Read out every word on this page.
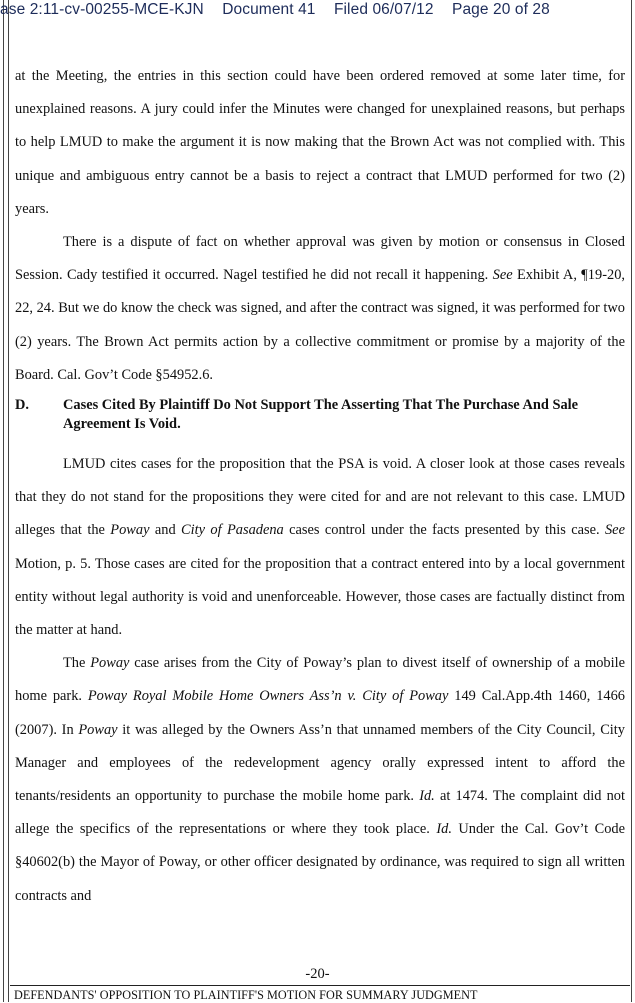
ase 2:11-cv-00255-MCE-KJN Document 41 Filed 06/07/12 Page 20 of 28

at the Meeting, the entries in this section could have been ordered removed at some later time, for unexplained reasons. A jury could infer the Minutes were changed for unexplained reasons, but perhaps to help LMUD to make the argument it is now making that the Brown Act was not complied with. This unique and ambiguous entry cannot be a basis to reject a contract that LMUD performed for two (2) years.

There is a dispute of fact on whether approval was given by motion or consensus in Closed Session. Cady testified it occurred. Nagel testified he did not recall it happening. See Exhibit A, ¶19-20, 22, 24. But we do know the check was signed, and after the contract was signed, it was performed for two (2) years. The Brown Act permits action by a collective commitment or promise by a majority of the Board. Cal. Gov’t Code §54952.6.

D.	Cases Cited By Plaintiff Do Not Support The Asserting That The Purchase And Sale Agreement Is Void.

LMUD cites cases for the proposition that the PSA is void. A closer look at those cases reveals that they do not stand for the propositions they were cited for and are not relevant to this case. LMUD alleges that the Poway and City of Pasadena cases control under the facts presented by this case. See Motion, p. 5. Those cases are cited for the proposition that a contract entered into by a local government entity without legal authority is void and unenforceable. However, those cases are factually distinct from the matter at hand.

The Poway case arises from the City of Poway’s plan to divest itself of ownership of a mobile home park. Poway Royal Mobile Home Owners Ass’n v. City of Poway 149 Cal.App.4th 1460, 1466 (2007). In Poway it was alleged by the Owners Ass’n that unnamed members of the City Council, City Manager and employees of the redevelopment agency orally expressed intent to afford the tenants/residents an opportunity to purchase the mobile home park. Id. at 1474. The complaint did not allege the specifics of the representations or where they took place. Id. Under the Cal. Gov’t Code §40602(b) the Mayor of Poway, or other officer designated by ordinance, was required to sign all written contracts and

-20-
DEFENDANTS' OPPOSITION TO PLAINTIFF'S MOTION FOR SUMMARY JUDGMENT
